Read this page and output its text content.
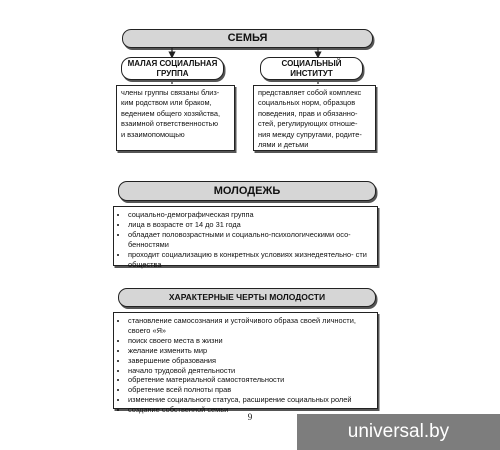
СЕМЬЯ
МАЛАЯ СОЦИАЛЬНАЯ
ГРУППА
СОЦИАЛЬНЫЙ
ИНСТИТУТ
члены группы связаны близ-
ким родством или браком,
ведением общего хозяйства,
взаимной ответственностью
и взаимопомощью
представляет собой комплекс
социальных норм, образцов
поведения, прав и обязанно-
стей, регулирующих отноше-
ния между супругами, родите-
лями и детьми
МОЛОДЕЖЬ
• социально-демографическая группа
• лица в возрасте от 14 до 31 года
• обладает половозрастными и социально-психологическими осо- бенностями
• проходит социализацию в конкретных условиях жизнедеятельно- сти общества
ХАРАКТЕРНЫЕ ЧЕРТЫ МОЛОДОСТИ
• становление самосознания и устойчивого образа своей личности, своего «Я»
• поиск своего места в жизни
• желание изменить мир
• завершение образования
• начало трудовой деятельности
• обретение материальной самостоятельности
• обретение всей полноты прав
• изменение социального статуса, расширение социальных ролей
• создание собственной семьи
9
universal.by
